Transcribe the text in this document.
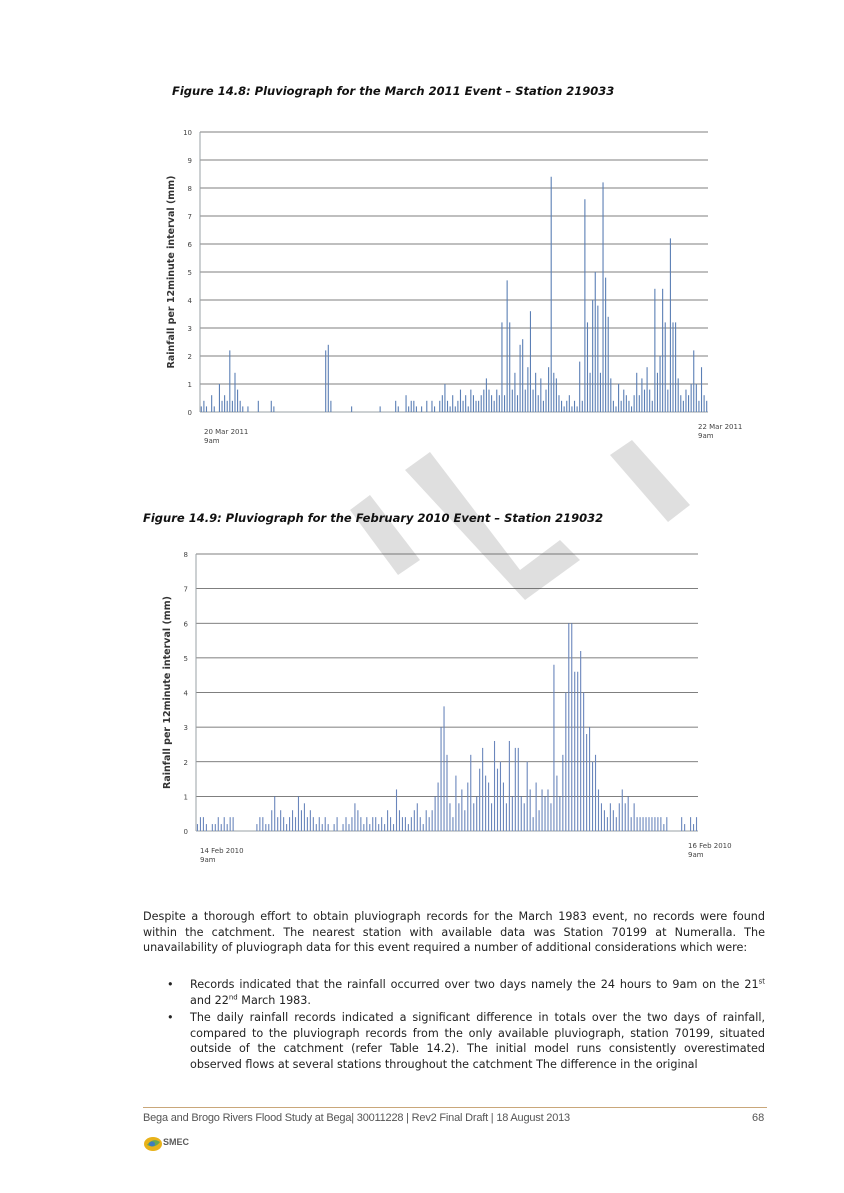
Figure 14.8: Pluviograph for the March 2011 Event – Station 219033
0
1
2
3
4
5
6
7
8
9
10
Rainfall per 12minute interval (mm)
20 Mar 2011
9am
22 Mar 2011
9am
Figure 14.9: Pluviograph for the February 2010 Event – Station 219032
0
1
2
3
4
5
6
7
8
Rainfall per 12minute interval (mm)
14 Feb 2010
9am
16 Feb 2010
9am
Despite a thorough effort to obtain pluviograph records for the March 1983 event, no records were found within the catchment. The nearest station with available data was Station 70199 at Numeralla. The unavailability of pluviograph data for this event required a number of additional considerations which were:
• Records indicated that the rainfall occurred over two days namely the 24 hours to 9am on the 21st and 22nd March 1983.
• The daily rainfall records indicated a significant difference in totals over the two days of rainfall, compared to the pluviograph records from the only available pluviograph, station 70199, situated outside of the catchment (refer Table 14.2). The initial model runs consistently overestimated observed flows at several stations throughout the catchment The difference in the original
Bega and Brogo Rivers Flood Study at Bega| 30011228 | Rev2 Final Draft | 18 August 2013	68
SMEC
